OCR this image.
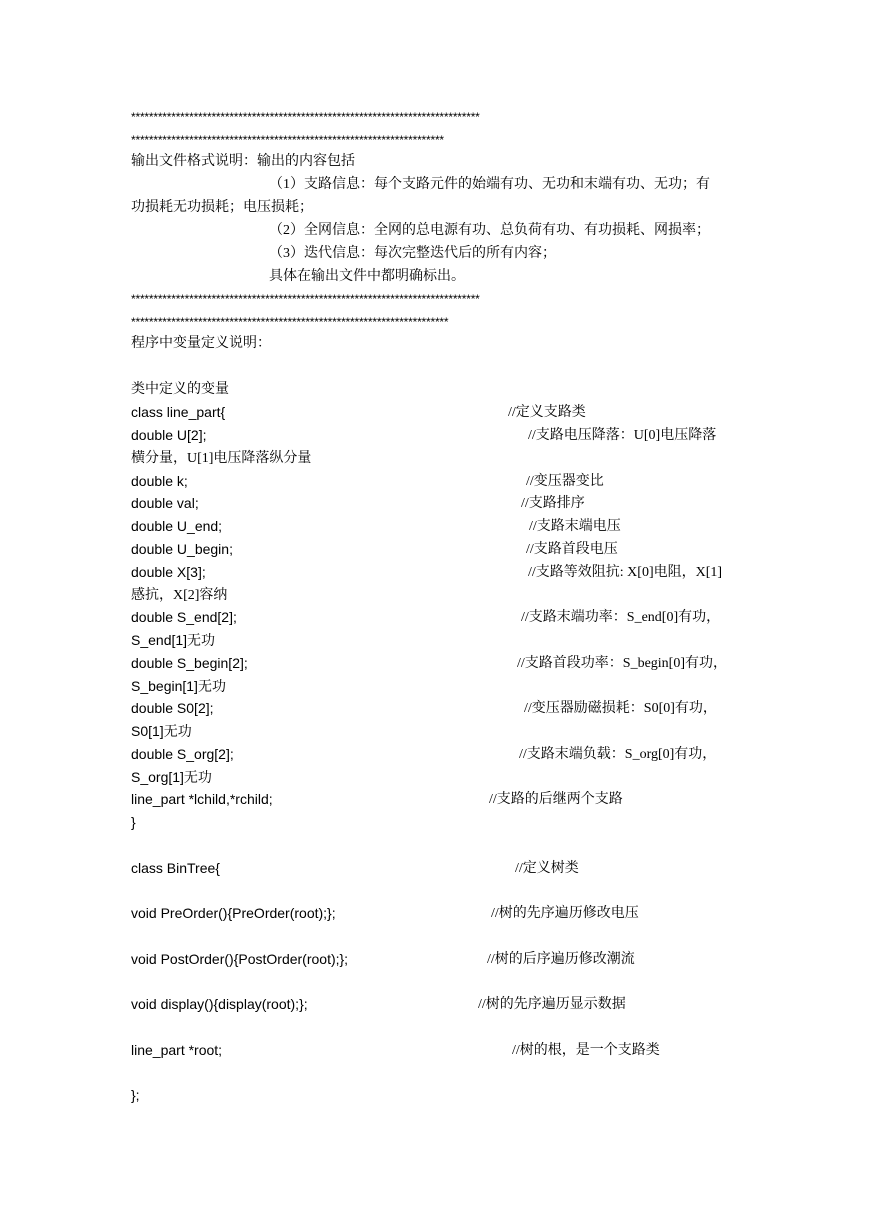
******************************************************************************
**********************************************************************
输出文件格式说明：输出的内容包括
（1）支路信息：每个支路元件的始端有功、无功和末端有功、无功；有
功损耗无功损耗；电压损耗；
（2）全网信息：全网的总电源有功、总负荷有功、有功损耗、网损率；
（3）迭代信息：每次完整迭代后的所有内容；
具体在输出文件中都明确标出。
******************************************************************************
***********************************************************************
程序中变量定义说明：
类中定义的变量
class line_part{	//定义支路类
double U[2];	//支路电压降落：U[0]电压降落
横分量，U[1]电压降落纵分量
double k;	//变压器变比
double val;	//支路排序
double U_end;	//支路末端电压
double U_begin;	//支路首段电压
double X[3];	//支路等效阻抗: X[0]电阻，X[1]
感抗，X[2]容纳
double S_end[2];	//支路末端功率：S_end[0]有功，
S_end[1]无功
double S_begin[2];	//支路首段功率：S_begin[0]有功，
S_begin[1]无功
double S0[2];	//变压器励磁损耗：S0[0]有功，
S0[1]无功
double S_org[2];	//支路末端负载：S_org[0]有功，
S_org[1]无功
line_part *lchild,*rchild;	//支路的后继两个支路
}
class BinTree{	//定义树类
void PreOrder(){PreOrder(root);};	//树的先序遍历修改电压
void PostOrder(){PostOrder(root);};	//树的后序遍历修改潮流
void display(){display(root);};	//树的先序遍历显示数据
line_part *root;	//树的根，是一个支路类
};
